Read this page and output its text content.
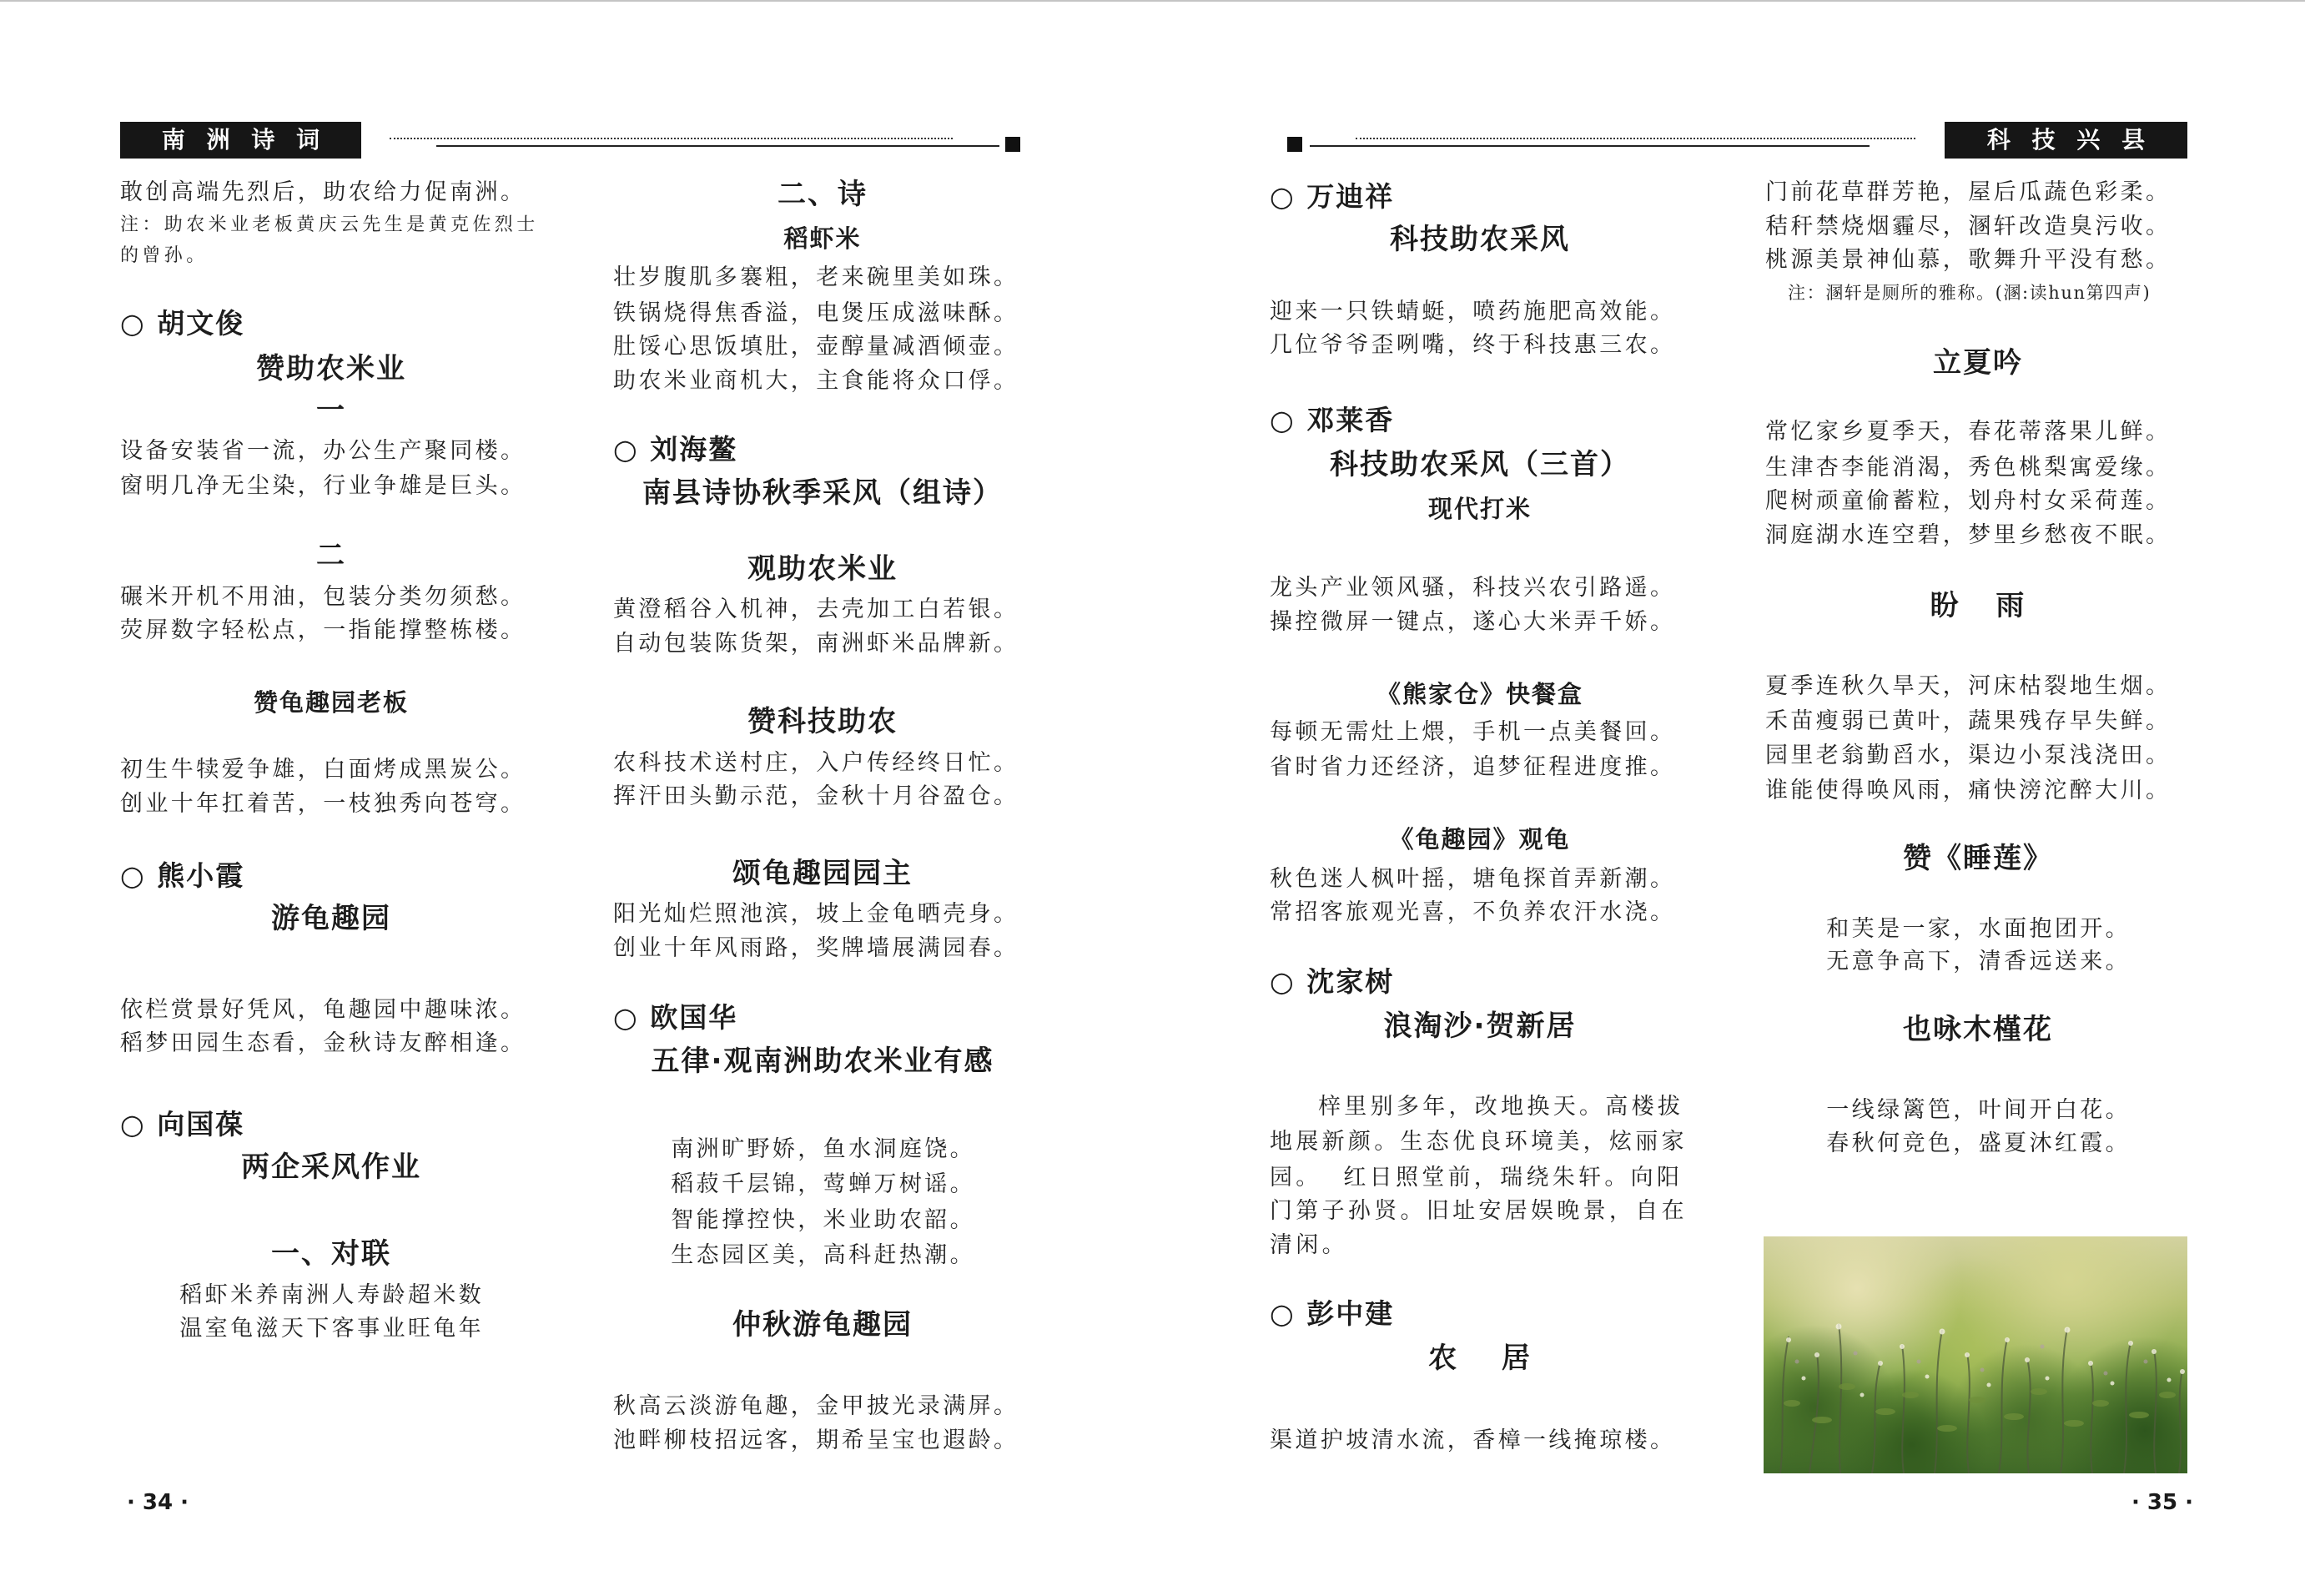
南 洲 诗 词
敢创高端先烈后，助农给力促南洲。
注：助农米业老板黄庆云先生是黄克佐烈士
的曾孙。
○ 胡文俊
赞助农米业
一
设备安装省一流，办公生产聚同楼。
窗明几净无尘染，行业争雄是巨头。
二
碾米开机不用油，包装分类勿须愁。
荧屏数字轻松点，一指能撑整栋楼。
赞龟趣园老板
初生牛犊爱争雄，白面烤成黑炭公。
创业十年扛着苦，一枝独秀向苍穹。
○ 熊小霞
游龟趣园
依栏赏景好凭风，龟趣园中趣味浓。
稻梦田园生态看，金秋诗友醉相逢。
○ 向国葆
两企采风作业
一、对联
稻虾米养南洲人寿龄超米数
温室龟滋天下客事业旺龟年
二、诗
稻虾米
壮岁腹肌多褰粗，老来碗里美如珠。
铁锅烧得焦香溢，电煲压成滋味酥。
肚馁心思饭填肚，壶醇量减酒倾壶。
助农米业商机大，主食能将众口俘。
○ 刘海鳌
南县诗协秋季采风（组诗）
观助农米业
黄澄稻谷入机神，去壳加工白若银。
自动包装陈货架，南洲虾米品牌新。
赞科技助农
农科技术送村庄，入户传经终日忙。
挥汗田头勤示范，金秋十月谷盈仓。
颂龟趣园园主
阳光灿烂照池滨，坡上金龟晒壳身。
创业十年风雨路，奖牌墙展满园春。
○ 欧国华
五律·观南洲助农米业有感
南洲旷野娇，鱼水洞庭饶。
稻菽千层锦，莺蝉万树谣。
智能撑控快，米业助农韶。
生态园区美，高科赶热潮。
仲秋游龟趣园
秋高云淡游龟趣，金甲披光录满屏。
池畔柳枝招远客，期希呈宝也遐龄。
· 34 ·
科 技 兴 县
○ 万迪祥
科技助农采风
迎来一只铁蜻蜓，喷药施肥高效能。
几位爷爷歪咧嘴，终于科技惠三农。
○ 邓莱香
科技助农采风（三首）
现代打米
龙头产业领风骚，科技兴农引路遥。
操控微屏一键点，遂心大米弄千娇。
《熊家仓》快餐盒
每顿无需灶上煨，手机一点美餐回。
省时省力还经济，追梦征程进度推。
《龟趣园》观龟
秋色迷人枫叶摇，塘龟探首弄新潮。
常招客旅观光喜，不负养农汗水浇。
○ 沈家树
浪淘沙·贺新居
梓里别多年，改地换天。高楼拔
地展新颜。生态优良环境美，炫丽家
园。  红日照堂前，瑞绕朱轩。向阳
门第子孙贤。旧址安居娱晚景，自在
清闲。
○ 彭中建
农  居
渠道护坡清水流，香樟一线掩琼楼。
门前花草群芳艳，屋后瓜蔬色彩柔。
秸秆禁烧烟霾尽，溷轩改造臭污收。
桃源美景神仙慕，歌舞升平没有愁。
注：溷轩是厕所的雅称。(溷:读hun第四声)
立夏吟
常忆家乡夏季天，春花蒂落果儿鲜。
生津杏李能消渴，秀色桃梨寓爱缘。
爬树顽童偷蓄粒，划舟村女采荷莲。
洞庭湖水连空碧，梦里乡愁夜不眠。
盼  雨
夏季连秋久旱天，河床枯裂地生烟。
禾苗瘦弱已黄叶，蔬果残存早失鲜。
园里老翁勤舀水，渠边小泵浅浇田。
谁能使得唤风雨，痛快滂沱醉大川。
赞《睡莲》
和芙是一家，水面抱团开。
无意争高下，清香远送来。
也咏木槿花
一线绿篱笆，叶间开白花。
春秋何竞色，盛夏沐红霞。
· 35 ·
